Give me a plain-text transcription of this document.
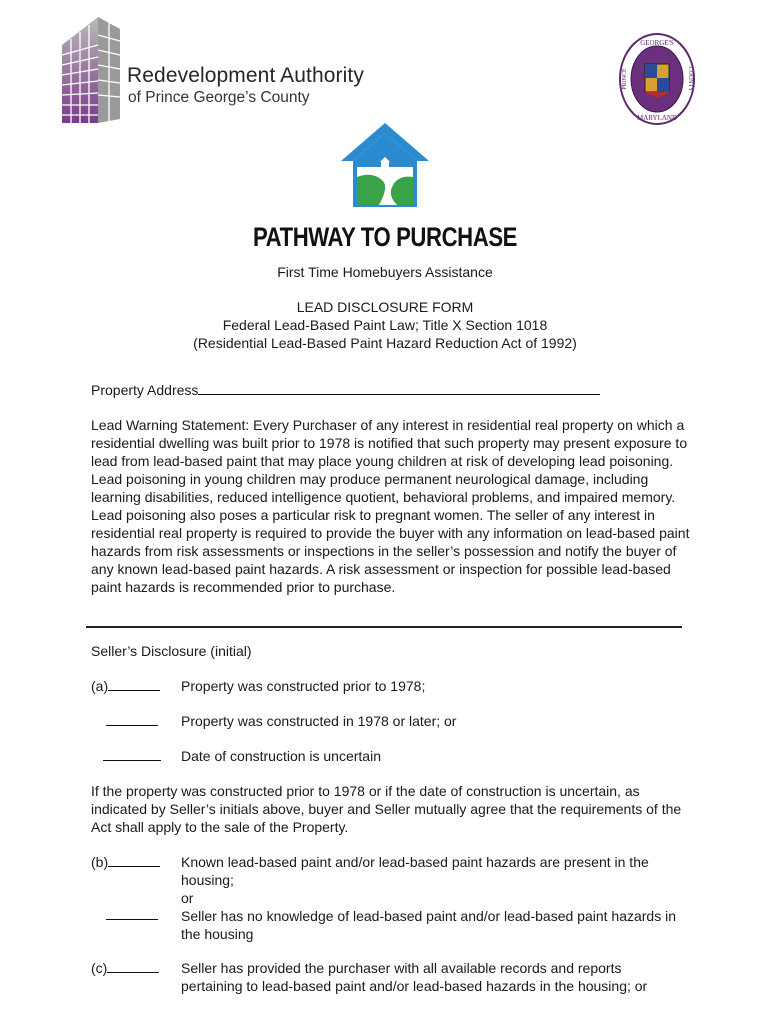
Redevelopment Authority
of Prince George’s County
GEORGE'S
MARYLAND
PRINCE	COUNTY
PATHWAY TO PURCHASE
First Time Homebuyers Assistance
LEAD DISCLOSURE FORM
Federal Lead-Based Paint Law; Title X Section 1018
(Residential Lead-Based Paint Hazard Reduction Act of 1992)
Property Address
Lead Warning Statement: Every Purchaser of any interest in residential real property on which a residential dwelling was built prior to 1978 is notified that such property may present exposure to lead from lead-based paint that may place young children at risk of developing lead poisoning. Lead poisoning in young children may produce permanent neurological damage, including learning disabilities, reduced intelligence quotient, behavioral problems, and impaired memory. Lead poisoning also poses a particular risk to pregnant women. The seller of any interest in residential real property is required to provide the buyer with any information on lead-based paint hazards from risk assessments or inspections in the seller’s possession and notify the buyer of any known lead-based paint hazards. A risk assessment or inspection for possible lead-based paint hazards is recommended prior to purchase.
Seller’s Disclosure (initial)
(a)	Property was constructed prior to 1978;
Property was constructed in 1978 or later; or
Date of construction is uncertain
If the property was constructed prior to 1978 or if the date of construction is uncertain, as indicated by Seller’s initials above, buyer and Seller mutually agree that the requirements of the Act shall apply to the sale of the Property.
(b)	Known lead-based paint and/or lead-based paint hazards are present in the housing;
or
Seller has no knowledge of lead-based paint and/or lead-based paint hazards in the housing
(c)	Seller has provided the purchaser with all available records and reports pertaining to lead-based paint and/or lead-based hazards in the housing; or
